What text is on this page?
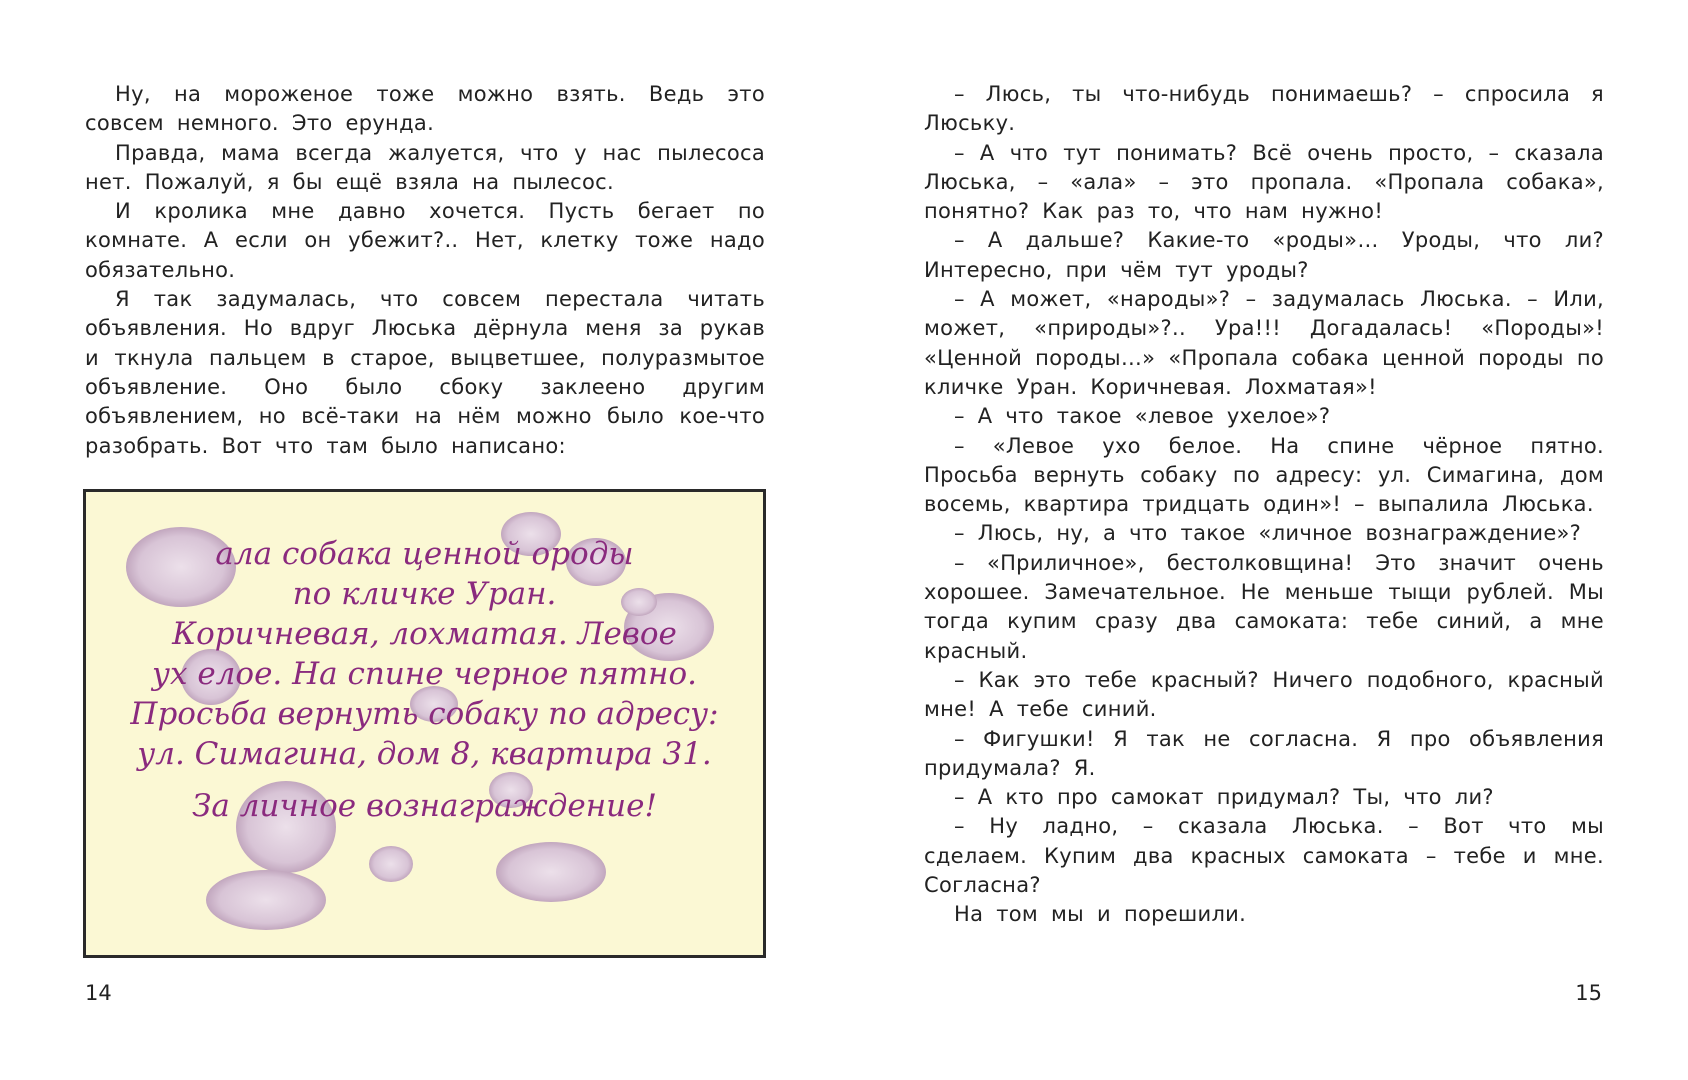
Ну, на мороженое тоже можно взять. Ведь это совсем немного. Это ерунда.

Правда, мама всегда жалуется, что у нас пылесоса нет. Пожалуй, я бы ещё взяла на пылесос.

И кролика мне давно хочется. Пусть бегает по комнате. А если он убежит?.. Нет, клетку тоже надо обязательно.

Я так задумалась, что совсем перестала читать объявления. Но вдруг Люська дёрнула меня за рукав и ткнула пальцем в старое, выцветшее, полуразмытое объявление. Оно было сбоку заклеено другим объявлением, но всё-таки на нём можно было кое-что разобрать. Вот что там было написано:

ала собака ценной ороды
по кличке Уран.
Коричневая, лохматая. Левое
ух елое. На спине черное пятно.
Просьба вернуть собаку по адресу:
ул. Симагина, дом 8, квартира 31.
За личное вознаграждение!
14

– Люсь, ты что-нибудь понимаешь? – спросила я Люську.

– А что тут понимать? Всё очень просто, – сказала Люська, – «ала» – это пропала. «Пропала собака», понятно? Как раз то, что нам нужно!

– А дальше? Какие-то «роды»… Уроды, что ли? Интересно, при чём тут уроды?

– А может, «народы»? – задумалась Люська. – Или, может, «природы»?.. Ура!!! Догадалась! «Породы»! «Ценной породы…» «Пропала собака ценной породы по кличке Уран. Коричневая. Лохматая»!

– А что такое «левое ухелое»?

– «Левое ухо белое. На спине чёрное пятно. Просьба вернуть собаку по адресу: ул. Симагина, дом восемь, квартира тридцать один»! – выпалила Люська.

– Люсь, ну, а что такое «личное вознаграждение»?

– «Приличное», бестолковщина! Это значит очень хорошее. Замечательное. Не меньше тыщи рублей. Мы тогда купим сразу два самоката: тебе синий, а мне красный.

– Как это тебе красный? Ничего подобного, красный мне! А тебе синий.

– Фигушки! Я так не согласна. Я про объявления придумала? Я.

– А кто про самокат придумал? Ты, что ли?

– Ну ладно, – сказала Люська. – Вот что мы сделаем. Купим два красных самоката – тебе и мне. Согласна?

На том мы и порешили.

15
